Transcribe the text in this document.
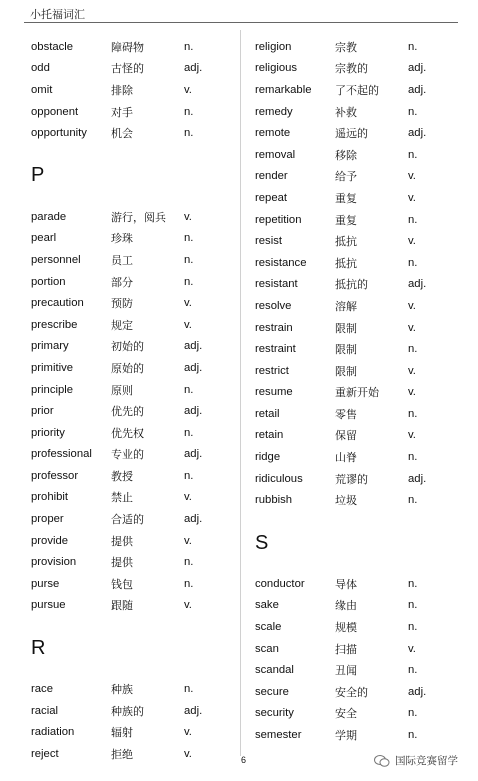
小托福词汇
obstacle	障碍物	n.
odd	古怪的	adj.
omit	排除	v.
opponent	对手	n.
opportunity	机会	n.
P
parade	游行，阅兵	v.
pearl	珍珠	n.
personnel	员工	n.
portion	部分	n.
precaution	预防	v.
prescribe	规定	v.
primary	初始的	adj.
primitive	原始的	adj.
principle	原则	n.
prior	优先的	adj.
priority	优先权	n.
professional	专业的	adj.
professor	教授	n.
prohibit	禁止	v.
proper	合适的	adj.
provide	提供	v.
provision	提供	n.
purse	钱包	n.
pursue	跟随	v.
R
race	种族	n.
racial	种族的	adj.
radiation	辐射	v.
reject	拒绝	v.
religion	宗教	n.
religious	宗教的	adj.
remarkable	了不起的	adj.
remedy	补救	n.
remote	遥远的	adj.
removal	移除	n.
render	给予	v.
repeat	重复	v.
repetition	重复	n.
resist	抵抗	v.
resistance	抵抗	n.
resistant	抵抗的	adj.
resolve	溶解	v.
restrain	限制	v.
restraint	限制	n.
restrict	限制	v.
resume	重新开始	v.
retail	零售	n.
retain	保留	v.
ridge	山脊	n.
ridiculous	荒谬的	adj.
rubbish	垃圾	n.
S
conductor	导体	n.
sake	缘由	n.
scale	规模	n.
scan	扫描	v.
scandal	丑闻	n.
secure	安全的	adj.
security	安全	n.
semester	学期	n.
6	国际竞赛留学
